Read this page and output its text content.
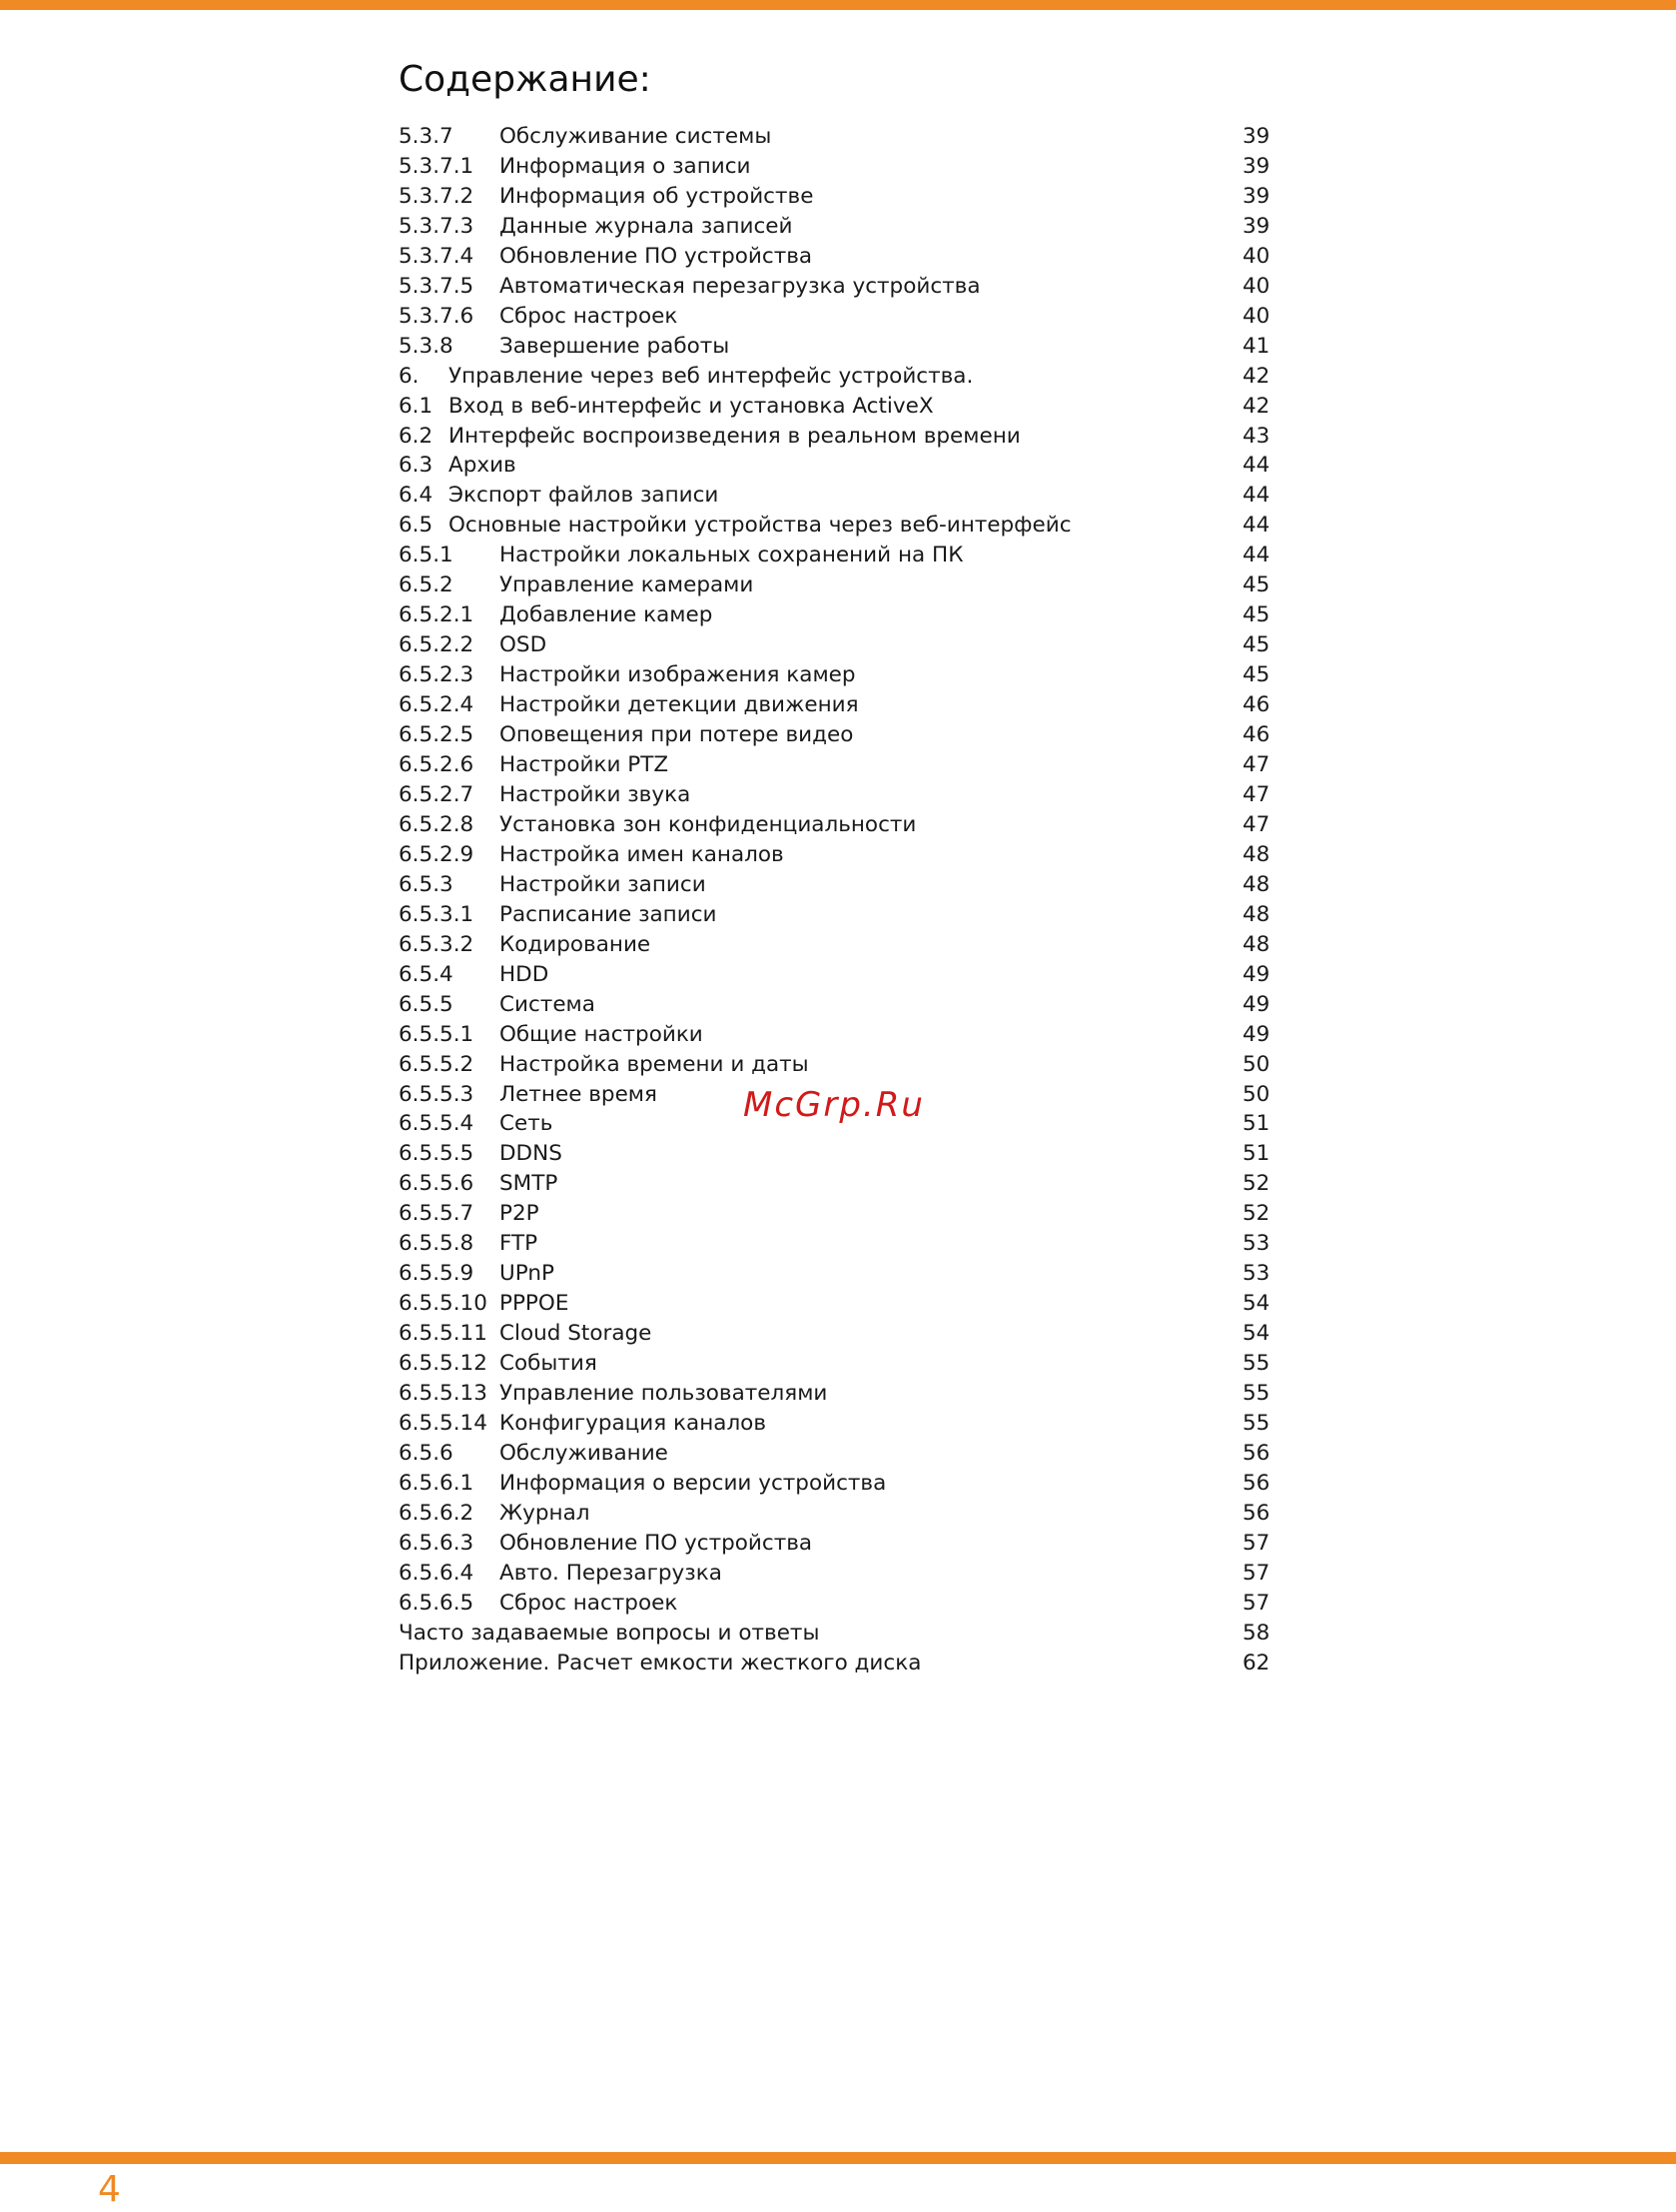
Содержание:
5.3.7 Обслуживание системы	39
5.3.7.1 Информация о записи	39
5.3.7.2 Информация об устройстве	39
5.3.7.3 Данные журнала записей	39
5.3.7.4 Обновление ПО устройства	40
5.3.7.5 Автоматическая перезагрузка устройства	40
5.3.7.6 Сброс настроек	40
5.3.8 Завершение работы	41
6. Управление через веб интерфейс устройства.	42
6.1 Вход в веб-интерфейс и установка ActiveX	42
6.2 Интерфейс воспроизведения в реальном времени	43
6.3 Архив	44
6.4 Экспорт файлов записи	44
6.5 Основные настройки устройства через веб-интерфейс	44
6.5.1 Настройки локальных сохранений на ПК	44
6.5.2 Управление камерами	45
6.5.2.1 Добавление камер	45
6.5.2.2 OSD	45
6.5.2.3 Настройки изображения камер	45
6.5.2.4 Настройки детекции движения	46
6.5.2.5 Оповещения при потере видео	46
6.5.2.6 Настройки PTZ	47
6.5.2.7 Настройки звука	47
6.5.2.8 Установка зон конфиденциальности	47
6.5.2.9 Настройка имен каналов	48
6.5.3 Настройки записи	48
6.5.3.1 Расписание записи	48
6.5.3.2 Кодирование	48
6.5.4 HDD	49
6.5.5 Система	49
6.5.5.1 Общие настройки	49
6.5.5.2 Настройка времени и даты	50
6.5.5.3 Летнее время	50
6.5.5.4 Сеть	51
6.5.5.5 DDNS	51
6.5.5.6 SMTP	52
6.5.5.7 P2P	52
6.5.5.8 FTP	53
6.5.5.9 UPnP	53
6.5.5.10 PPPOE	54
6.5.5.11 Cloud Storage	54
6.5.5.12 События	55
6.5.5.13 Управление пользователями	55
6.5.5.14 Конфигурация каналов	55
6.5.6 Обслуживание	56
6.5.6.1 Информация о версии устройства	56
6.5.6.2 Журнал	56
6.5.6.3 Обновление ПО устройства	57
6.5.6.4 Авто. Перезагрузка	57
6.5.6.5 Сброс настроек	57
Часто задаваемые вопросы и ответы	58
Приложение. Расчет емкости жесткого диска	62
McGrp.Ru
4
